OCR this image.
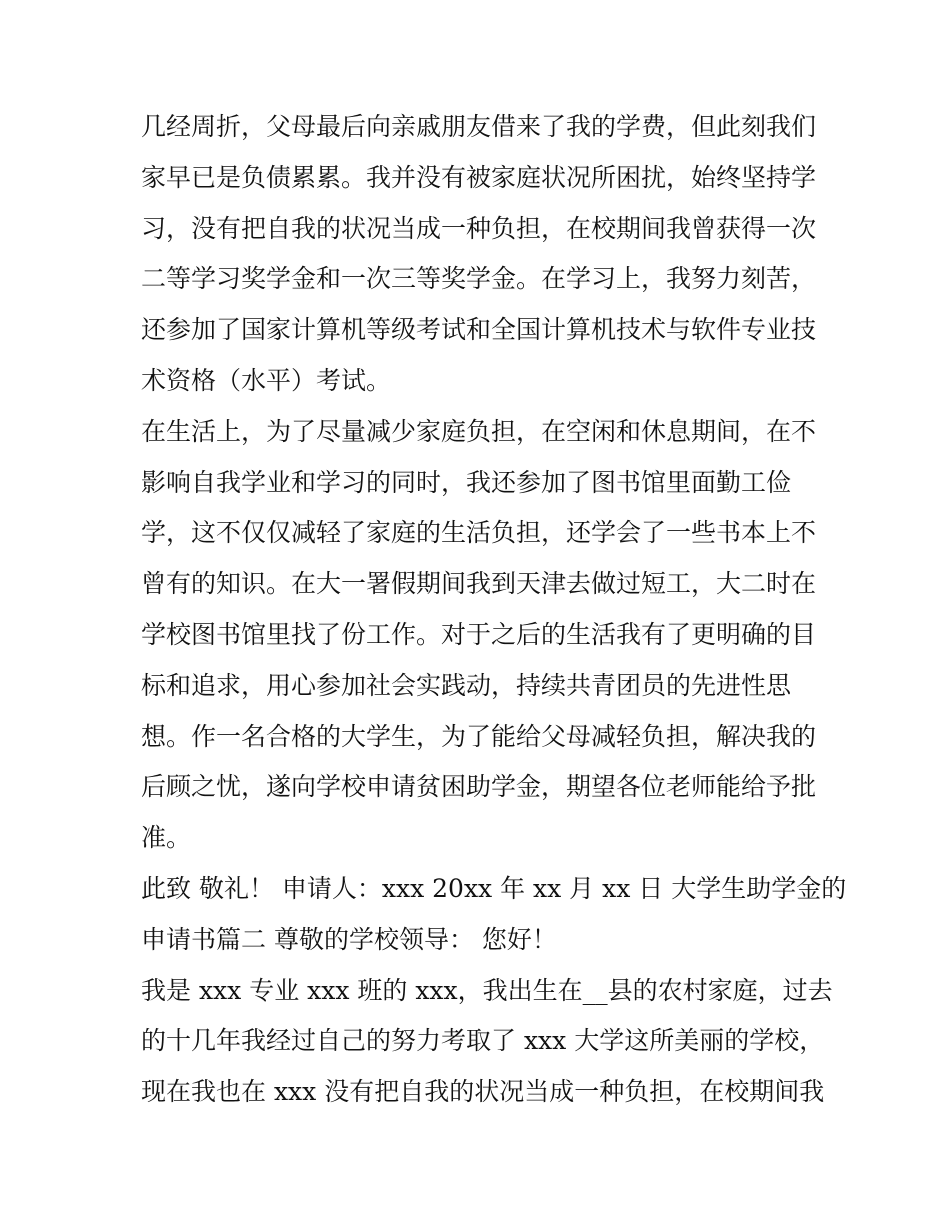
几经周折，父母最后向亲戚朋友借来了我的学费，但此刻我们

家早已是负债累累。我并没有被家庭状况所困扰，始终坚持学

习，没有把自我的状况当成一种负担，在校期间我曾获得一次

二等学习奖学金和一次三等奖学金。在学习上，我努力刻苦，

还参加了国家计算机等级考试和全国计算机技术与软件专业技

术资格（水平）考试。

在生活上，为了尽量减少家庭负担，在空闲和休息期间，在不

影响自我学业和学习的同时，我还参加了图书馆里面勤工俭

学，这不仅仅减轻了家庭的生活负担，还学会了一些书本上不

曾有的知识。在大一署假期间我到天津去做过短工，大二时在

学校图书馆里找了份工作。对于之后的生活我有了更明确的目

标和追求，用心参加社会实践动，持续共青团员的先进性思

想。作一名合格的大学生，为了能给父母减轻负担，解决我的

后顾之忧，遂向学校申请贫困助学金，期望各位老师能给予批

准。

此致 敬礼！ 申请人：xxx 20xx 年 xx 月 xx 日 大学生助学金的

申请书篇二 尊敬的学校领导： 您好！

我是 xxx 专业 xxx 班的 xxx，我出生在__县的农村家庭，过去

的十几年我经过自己的努力考取了 xxx 大学这所美丽的学校，

现在我也在 xxx 没有把自我的状况当成一种负担，在校期间我
